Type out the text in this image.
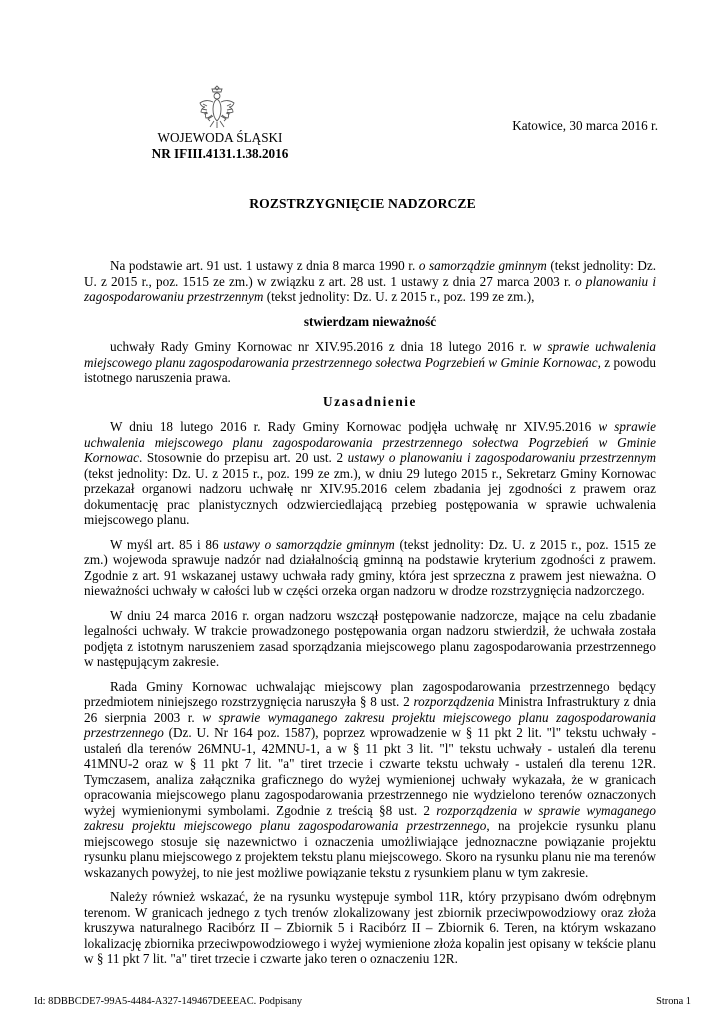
WOJEWODA ŚLĄSKI
NR IFIII.4131.1.38.2016
Katowice, 30 marca 2016 r.
ROZSTRZYGNIĘCIE NADZORCZE

Na podstawie art. 91 ust. 1 ustawy z dnia 8 marca 1990 r. o samorządzie gminnym (tekst jednolity: Dz. U. z 2015 r., poz. 1515 ze zm.) w związku z art. 28 ust. 1 ustawy z dnia 27 marca 2003 r. o planowaniu i zagospodarowaniu przestrzennym (tekst jednolity: Dz. U. z 2015 r., poz. 199 ze zm.),

stwierdzam nieważność

uchwały Rady Gminy Kornowac nr XIV.95.2016 z dnia 18 lutego 2016 r. w sprawie uchwalenia miejscowego planu zagospodarowania przestrzennego sołectwa Pogrzebień w Gminie Kornowac, z powodu istotnego naruszenia prawa.

Uzasadnienie

W dniu 18 lutego 2016 r. Rady Gminy Kornowac podjęła uchwałę nr XIV.95.2016 w sprawie uchwalenia miejscowego planu zagospodarowania przestrzennego sołectwa Pogrzebień w Gminie Kornowac. Stosownie do przepisu art. 20 ust. 2 ustawy o planowaniu i zagospodarowaniu przestrzennym (tekst jednolity: Dz. U. z 2015 r., poz. 199 ze zm.), w dniu 29 lutego 2015 r., Sekretarz Gminy Kornowac przekazał organowi nadzoru uchwałę nr XIV.95.2016 celem zbadania jej zgodności z prawem oraz dokumentację prac planistycznych odzwierciedlającą przebieg postępowania w sprawie uchwalenia miejscowego planu.

W myśl art. 85 i 86 ustawy o samorządzie gminnym (tekst jednolity: Dz. U. z 2015 r., poz. 1515 ze zm.) wojewoda sprawuje nadzór nad działalnością gminną na podstawie kryterium zgodności z prawem. Zgodnie z art. 91 wskazanej ustawy uchwała rady gminy, która jest sprzeczna z prawem jest nieważna. O nieważności uchwały w całości lub w części orzeka organ nadzoru w drodze rozstrzygnięcia nadzorczego.

W dniu 24 marca 2016 r. organ nadzoru wszczął postępowanie nadzorcze, mające na celu zbadanie legalności uchwały. W trakcie prowadzonego postępowania organ nadzoru stwierdził, że uchwała została podjęta z istotnym naruszeniem zasad sporządzania miejscowego planu zagospodarowania przestrzennego w następującym zakresie.

Rada Gminy Kornowac uchwalając miejscowy plan zagospodarowania przestrzennego będący przedmiotem niniejszego rozstrzygnięcia naruszyła § 8 ust. 2 rozporządzenia Ministra Infrastruktury z dnia 26 sierpnia 2003 r. w sprawie wymaganego zakresu projektu miejscowego planu zagospodarowania przestrzennego (Dz. U. Nr 164 poz. 1587), poprzez wprowadzenie w § 11 pkt 2 lit. "l" tekstu uchwały - ustaleń dla terenów 26MNU-1, 42MNU-1, a w § 11 pkt 3 lit. "l" tekstu uchwały - ustaleń dla terenu 41MNU-2 oraz w § 11 pkt 7 lit. "a" tiret trzecie i czwarte tekstu uchwały - ustaleń dla terenu 12R. Tymczasem, analiza załącznika graficznego do wyżej wymienionej uchwały wykazała, że w granicach opracowania miejscowego planu zagospodarowania przestrzennego nie wydzielono terenów oznaczonych wyżej wymienionymi symbolami. Zgodnie z treścią §8 ust. 2 rozporządzenia w sprawie wymaganego zakresu projektu miejscowego planu zagospodarowania przestrzennego, na projekcie rysunku planu miejscowego stosuje się nazewnictwo i oznaczenia umożliwiające jednoznaczne powiązanie projektu rysunku planu miejscowego z projektem tekstu planu miejscowego. Skoro na rysunku planu nie ma terenów wskazanych powyżej, to nie jest możliwe powiązanie tekstu z rysunkiem planu w tym zakresie.

Należy również wskazać, że na rysunku występuje symbol 11R, który przypisano dwóm odrębnym terenom. W granicach jednego z tych trenów zlokalizowany jest zbiornik przeciwpowodziowy oraz złoża kruszywa naturalnego Racibórz II – Zbiornik 5 i Racibórz II – Zbiornik 6. Teren, na którym wskazano lokalizację zbiornika przeciwpowodziowego i wyżej wymienione złoża kopalin jest opisany w tekście planu w § 11 pkt 7 lit. "a" tiret trzecie i czwarte jako teren o oznaczeniu 12R.

Id: 8DBBCDE7-99A5-4484-A327-149467DEEEAC. Podpisany	Strona 1
